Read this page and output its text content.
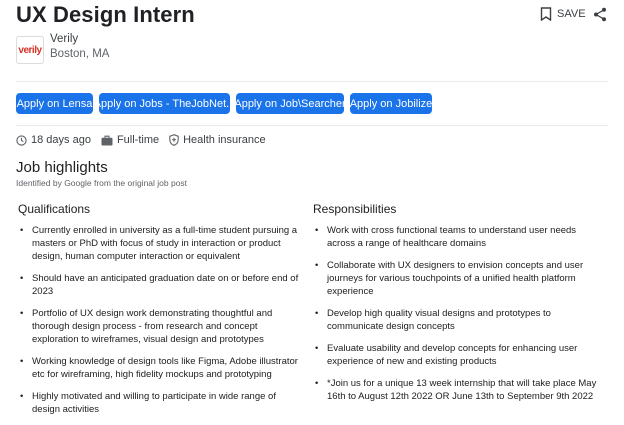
UX Design Intern	SAVE
verily
Verily
Boston, MA
Apply on Lensa Apply on Jobs - TheJobNet... Apply on Job\Searcher Apply on Jobilize
18 days ago Full-time Health insurance
Job highlights
Identified by Google from the original job post
Qualifications	Responsibilities
• Currently enrolled in university as a full-time student pursuing a masters or PhD with focus of study in interaction or product design, human computer interaction or equivalent
• Should have an anticipated graduation date on or before end of 2023
• Portfolio of UX design work demonstrating thoughtful and thorough design process - from research and concept exploration to wireframes, visual design and prototypes
• Working knowledge of design tools like Figma, Adobe illustrator etc for wireframing, high fidelity mockups and prototyping
• Highly motivated and willing to participate in wide range of design activities
• Work with cross functional teams to understand user needs across a range of healthcare domains
• Collaborate with UX designers to envision concepts and user journeys for various touchpoints of a unified health platform experience
• Develop high quality visual designs and prototypes to communicate design concepts
• Evaluate usability and develop concepts for enhancing user experience of new and existing products
• *Join us for a unique 13 week internship that will take place May 16th to August 12th 2022 OR June 13th to September 9th 2022
